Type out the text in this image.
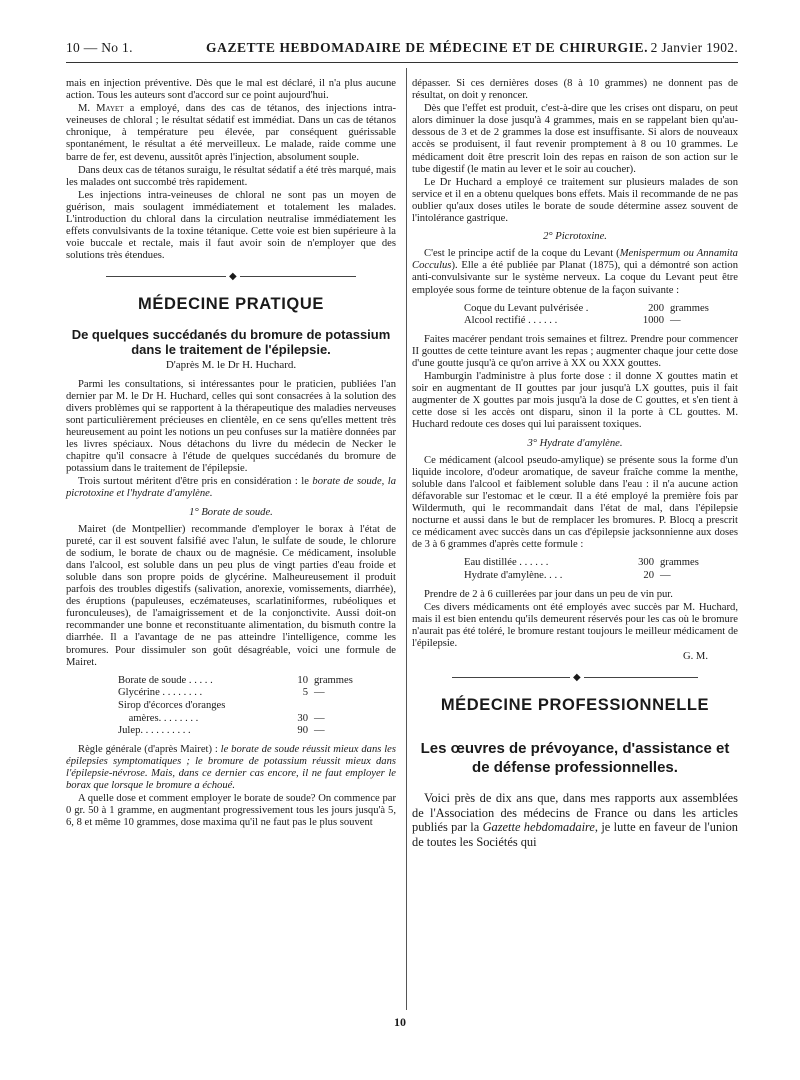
10 — No 1.	GAZETTE HEBDOMADAIRE DE MÉDECINE ET DE CHIRURGIE. 2 Janvier 1902.

mais en injection préventive. Dès que le mal est déclaré, il n'a plus aucune action. Tous les auteurs sont d'accord sur ce point aujourd'hui.

M. Mayet a employé, dans des cas de tétanos, des injections intra-veineuses de chloral ; le résultat sédatif est immédiat. Dans un cas de tétanos chronique, à température peu élevée, par conséquent guérissable spontanément, le résultat a été merveilleux. Le malade, raide comme une barre de fer, est devenu, aussitôt après l'injection, absolument souple.

Dans deux cas de tétanos suraigu, le résultat sédatif a été très marqué, mais les malades ont succombé très rapidement.

Les injections intra-veineuses de chloral ne sont pas un moyen de guérison, mais soulagent immédiatement et totalement les malades. L'introduction du chloral dans la circulation neutralise immédiatement les effets convulsivants de la toxine tétanique. Cette voie est bien supérieure à la voie buccale et rectale, mais il faut avoir soin de n'employer que des solutions très étendues.

◆
MÉDECINE PRATIQUE
De quelques succédanés du bromure de potassium dans le traitement de l'épilepsie.
D'après M. le Dr H. Huchard.

Parmi les consultations, si intéressantes pour le praticien, publiées l'an dernier par M. le Dr H. Huchard, celles qui sont consacrées à la solution des divers problèmes qui se rapportent à la thérapeutique des maladies nerveuses sont particulièrement précieuses en clientèle, en ce sens qu'elles mettent très heureusement au point les notions un peu confuses sur la matière données par les livres spéciaux. Nous détachons du livre du médecin de Necker le chapitre qu'il consacre à l'étude de quelques succédanés du bromure de potassium dans le traitement de l'épilepsie.

Trois surtout méritent d'être pris en considération : le borate de soude, la picrotoxine et l'hydrate d'amylène.

1° Borate de soude.

Mairet (de Montpellier) recommande d'employer le borax à l'état de pureté, car il est souvent falsifié avec l'alun, le sulfate de soude, le chlorure de sodium, le borate de chaux ou de magnésie. Ce médicament, insoluble dans l'alcool, est soluble dans un peu plus de vingt parties d'eau froide et soluble dans son propre poids de glycérine. Malheureusement il produit parfois des troubles digestifs (salivation, anorexie, vomissements, diarrhée), des éruptions (papuleuses, eczémateuses, scarlatiniformes, rubéoliques et furonculeuses), de l'amaigrissement et de la conjonctivite. Aussi doit-on recommander une bonne et reconstituante alimentation, du bismuth contre la diarrhée. Il a l'avantage de ne pas atteindre l'intelligence, comme les bromures. Pour dissimuler son goût désagréable, voici une formule de Mairet.

Borate de soude . . . . .	10 grammes
Glycérine . . . . . . . .	5 —
Sirop d'écorces d'oranges
amères. . . . . . . .	30 —
Julep. . . . . . . . . .	90 —

Règle générale (d'après Mairet) : le borate de soude réussit mieux dans les épilepsies symptomatiques ; le bromure de potassium réussit mieux dans l'épilepsie-névrose. Mais, dans ce dernier cas encore, il ne faut employer le borax que lorsque le bromure a échoué.

A quelle dose et comment employer le borate de soude? On commence par 0 gr. 50 à 1 gramme, en augmentant progressivement tous les jours jusqu'à 5, 6, 8 et même 10 grammes, dose maxima qu'il ne faut pas le plus souvent

dépasser. Si ces dernières doses (8 à 10 grammes) ne donnent pas de résultat, on doit y renoncer.

Dès que l'effet est produit, c'est-à-dire que les crises ont disparu, on peut alors diminuer la dose jusqu'à 4 grammes, mais en se rappelant bien qu'au-dessous de 3 et de 2 grammes la dose est insuffisante. Si alors de nouveaux accès se produisent, il faut revenir promptement à 8 ou 10 grammes. Le médicament doit être prescrit loin des repas en raison de son action sur le tube digestif (le matin au lever et le soir au coucher).

Le Dr Huchard a employé ce traitement sur plusieurs malades de son service et il en a obtenu quelques bons effets. Mais il recommande de ne pas oublier qu'aux doses utiles le borate de soude détermine assez souvent de l'intolérance gastrique.

2° Picrotoxine.

C'est le principe actif de la coque du Levant (Menispermum ou Annamita Cocculus). Elle a été publiée par Planat (1875), qui a démontré son action anti-convulsivante sur le système nerveux. La coque du Levant peut être employée sous forme de teinture obtenue de la façon suivante :

Coque du Levant pulvérisée .	200 grammes
Alcool rectifié . . . . . .	1000 —

Faites macérer pendant trois semaines et filtrez. Prendre pour commencer II gouttes de cette teinture avant les repas ; augmenter chaque jour cette dose d'une goutte jusqu'à ce qu'on arrive à XX ou XXX gouttes.

Hamburgin l'administre à plus forte dose : il donne X gouttes matin et soir en augmentant de II gouttes par jour jusqu'à LX gouttes, puis il fait augmenter de X gouttes par mois jusqu'à la dose de C gouttes, et s'en tient à cette dose si les accès ont disparu, sinon il la porte à CL gouttes. M. Huchard redoute ces doses qui lui paraissent toxiques.

3° Hydrate d'amylène.

Ce médicament (alcool pseudo-amylique) se présente sous la forme d'un liquide incolore, d'odeur aromatique, de saveur fraîche comme la menthe, soluble dans l'alcool et faiblement soluble dans l'eau : il n'a aucune action défavorable sur l'estomac et le cœur. Il a été employé la première fois par Wildermuth, qui le recommandait dans l'état de mal, dans l'épilepsie nocturne et aussi dans le but de remplacer les bromures. P. Blocq a prescrit ce médicament avec succès dans un cas d'épilepsie jacksonnienne aux doses de 3 à 6 grammes d'après cette formule :

Eau distillée . . . . . .	300 grammes
Hydrate d'amylène. . . .	20 —

Prendre de 2 à 6 cuillerées par jour dans un peu de vin pur.

Ces divers médicaments ont été employés avec succès par M. Huchard, mais il est bien entendu qu'ils demeurent réservés pour les cas où le bromure n'aurait pas été toléré, le bromure restant toujours le meilleur médicament de l'épilepsie.

G. M.
◆
MÉDECINE PROFESSIONNELLE
Les œuvres de prévoyance, d'assistance et de défense professionnelles.

Voici près de dix ans que, dans mes rapports aux assemblées de l'Association des médecins de France ou dans les articles publiés par la Gazette hebdomadaire, je lutte en faveur de l'union de toutes les Sociétés qui

10
